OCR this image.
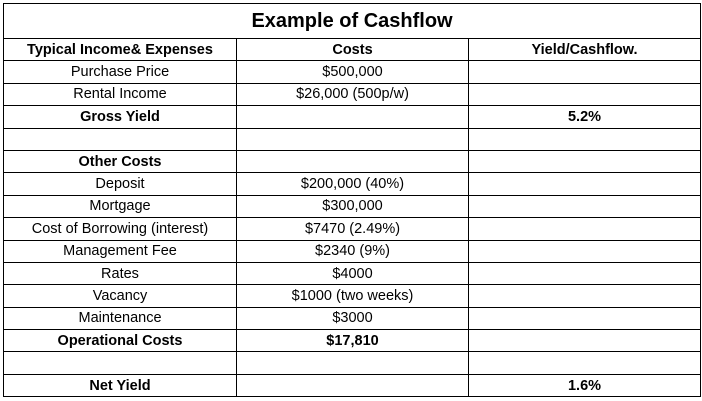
Example of Cashflow		
Typical Income& Expenses	Costs	Yield/Cashflow.
Purchase Price	$500,000	
Rental Income	$26,000 (500p/w)	
Gross Yield		5.2%

Other Costs		
Deposit	$200,000 (40%)	
Mortgage	$300,000	
Cost of Borrowing (interest)	$7470 (2.49%)	
Management Fee	$2340 (9%)	
Rates	$4000	
Vacancy	$1000 (two weeks)	
Maintenance	$3000	
Operational Costs	$17,810	

Net Yield		1.6%
